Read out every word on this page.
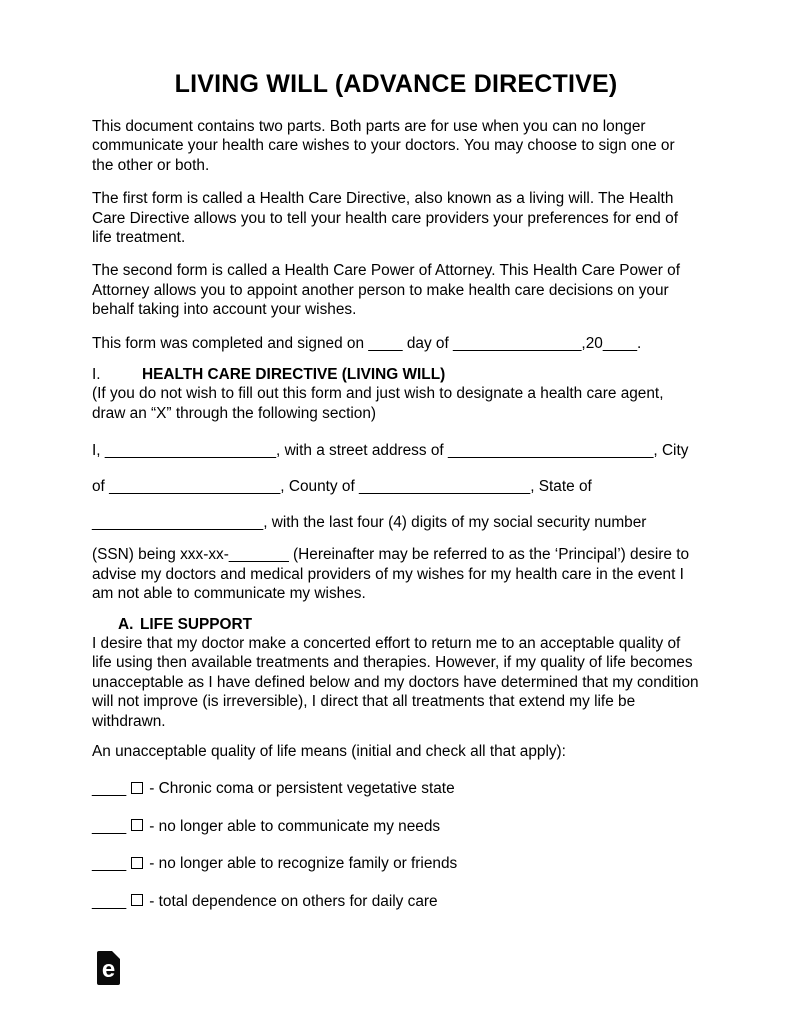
LIVING WILL (ADVANCE DIRECTIVE)

This document contains two parts. Both parts are for use when you can no longer communicate your health care wishes to your doctors. You may choose to sign one or the other or both.

The first form is called a Health Care Directive, also known as a living will. The Health Care Directive allows you to tell your health care providers your preferences for end of life treatment.

The second form is called a Health Care Power of Attorney. This Health Care Power of Attorney allows you to appoint another person to make health care decisions on your behalf taking into account your wishes.

This form was completed and signed on ____ day of _______________,20____.

I.	HEALTH CARE DIRECTIVE (LIVING WILL)

(If you do not wish to fill out this form and just wish to designate a health care agent, draw an “X” through the following section)

I, ____________________, with a street address of ________________________, City
of ____________________, County of ____________________, State of
____________________, with the last four (4) digits of my social security number

(SSN) being xxx-xx-_______ (Hereinafter may be referred to as the ‘Principal’) desire to advise my doctors and medical providers of my wishes for my health care in the event I am not able to communicate my wishes.

A. LIFE SUPPORT

I desire that my doctor make a concerted effort to return me to an acceptable quality of life using then available treatments and therapies. However, if my quality of life becomes unacceptable as I have defined below and my doctors have determined that my condition will not improve (is irreversible), I direct that all treatments that extend my life be withdrawn.

An unacceptable quality of life means (initial and check all that apply):

____ - Chronic coma or persistent vegetative state

____ - no longer able to communicate my needs

____ - no longer able to recognize family or friends

____ - total dependence on others for daily care

e
